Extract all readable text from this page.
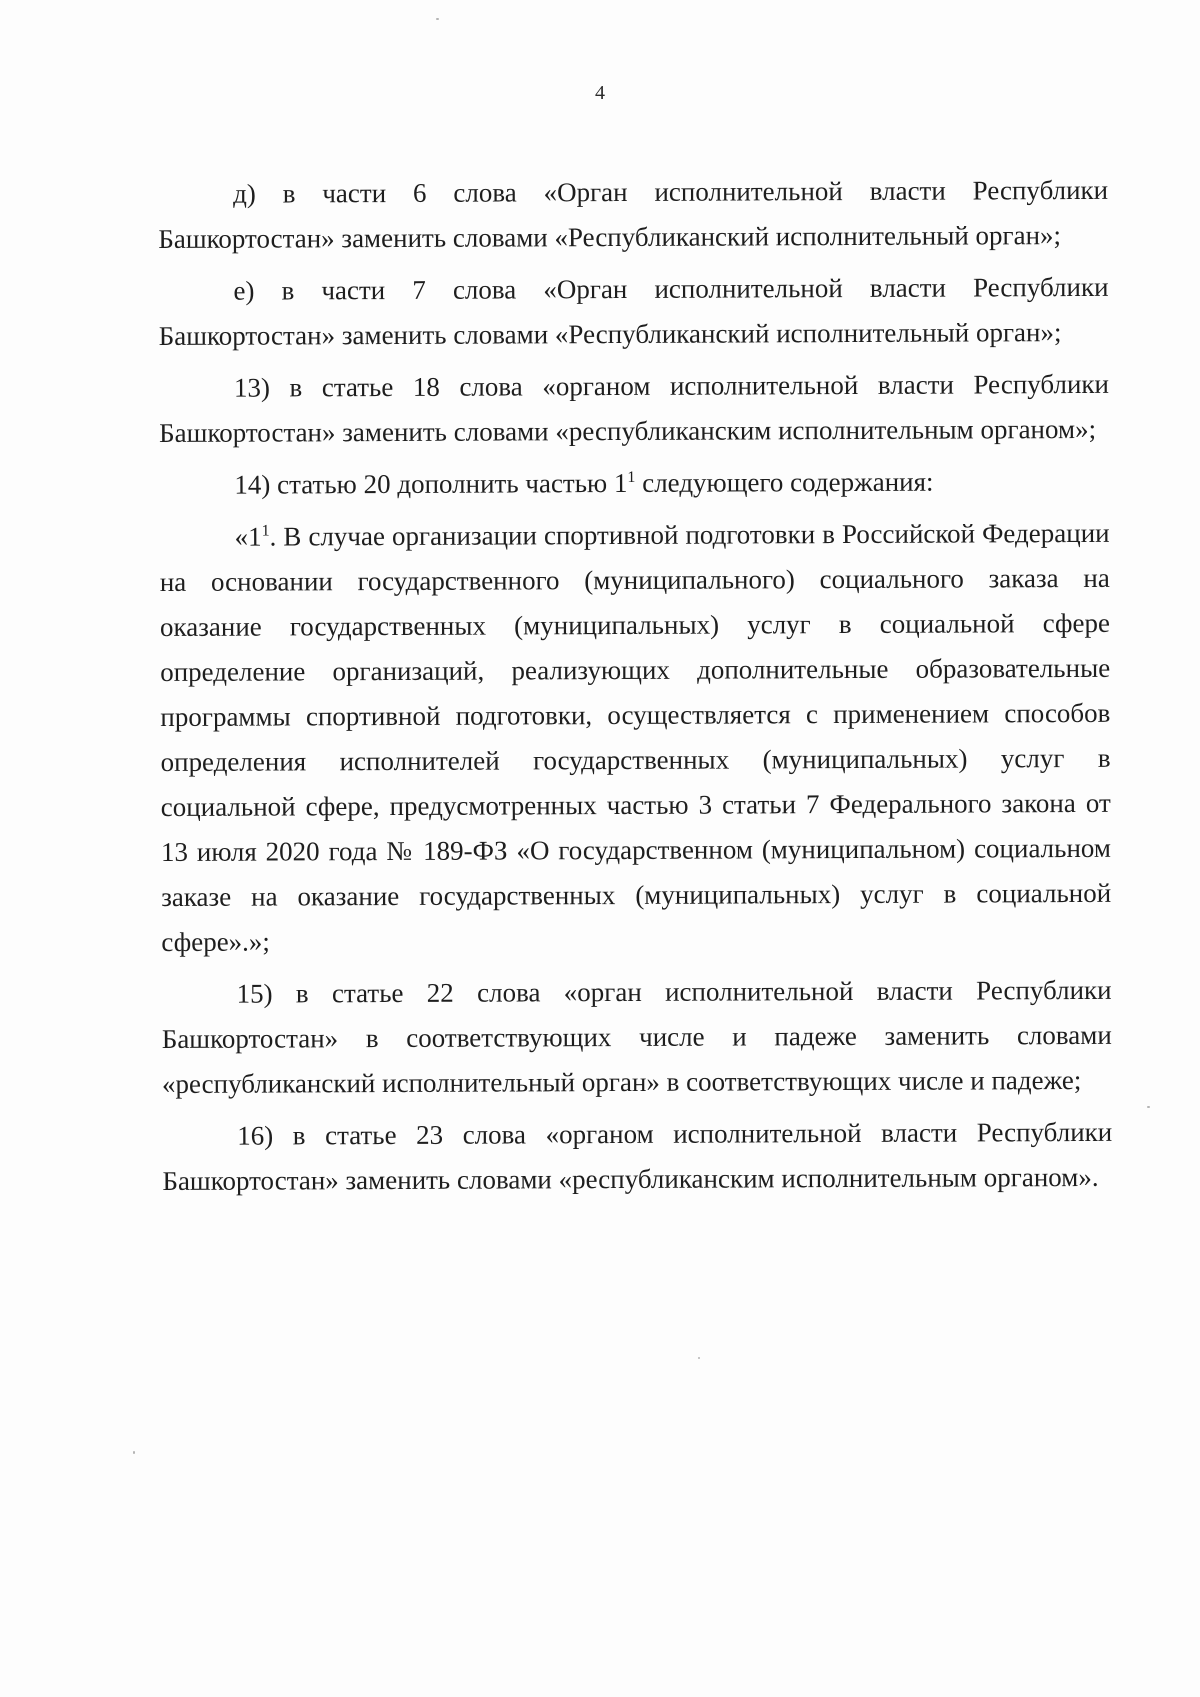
4

д) в части 6 слова «Орган исполнительной власти Республики Башкортостан» заменить словами «Республиканский исполнительный орган»;

е) в части 7 слова «Орган исполнительной власти Республики Башкортостан» заменить словами «Республиканский исполнительный орган»;

13) в статье 18 слова «органом исполнительной власти Республики Башкортостан» заменить словами «республиканским исполнительным органом»;

14) статью 20 дополнить частью $1^1$ следующего содержания:

«$1^1$. В случае организации спортивной подготовки в Российской Федерации на основании государственного (муниципального) социального заказа на оказание государственных (муниципальных) услуг в социальной сфере определение организаций, реализующих дополнительные образовательные программы спортивной подготовки, осуществляется с применением способов определения исполнителей государственных (муниципальных) услуг в социальной сфере, предусмотренных частью 3 статьи 7 Федерального закона от 13 июля 2020 года № 189-ФЗ «О государственном (муниципальном) социальном заказе на оказание государственных (муниципальных) услуг в социальной сфере».»;

15) в статье 22 слова «орган исполнительной власти Республики Башкортостан» в соответствующих числе и падеже заменить словами «республиканский исполнительный орган» в соответствующих числе и падеже;

16) в статье 23 слова «органом исполнительной власти Республики Башкортостан» заменить словами «республиканским исполнительным органом».
